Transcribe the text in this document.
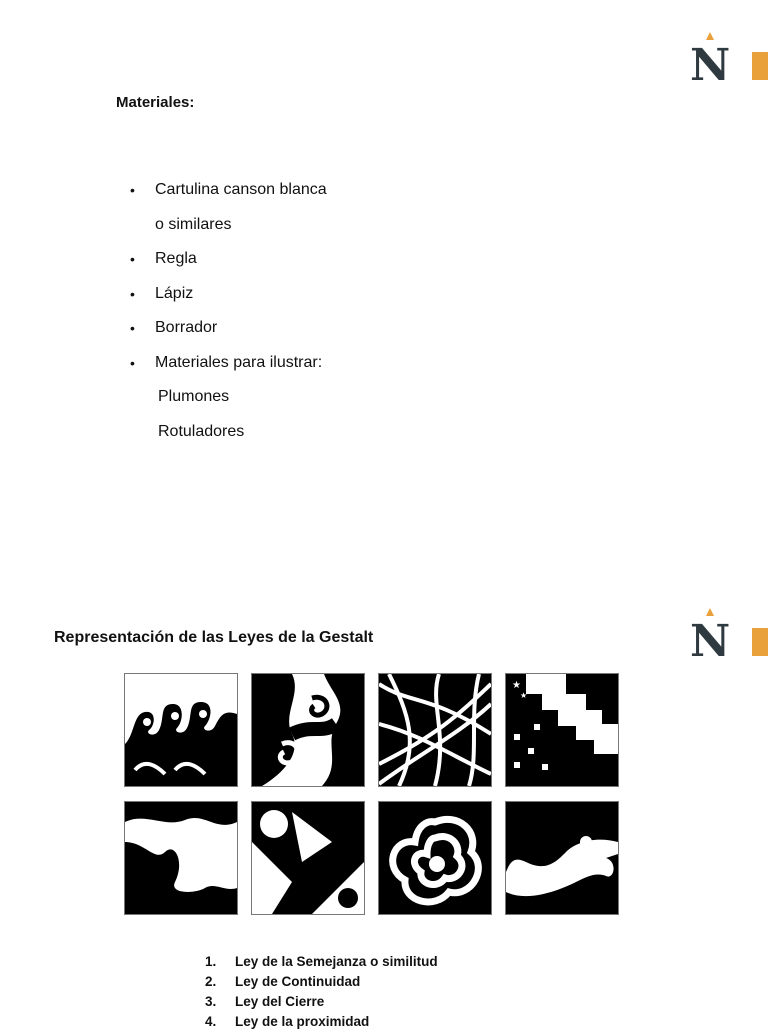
N
Materiales:
• Cartulina canson blanca
o similares
• Regla
• Lápiz
• Borrador
• Materiales para ilustrar:
Plumones
Rotuladores
N
Representación de las Leyes de la Gestalt
★
★
★
★
1. Ley de la Semejanza o similitud
2. Ley de Continuidad
3. Ley del Cierre
4. Ley de la proximidad
